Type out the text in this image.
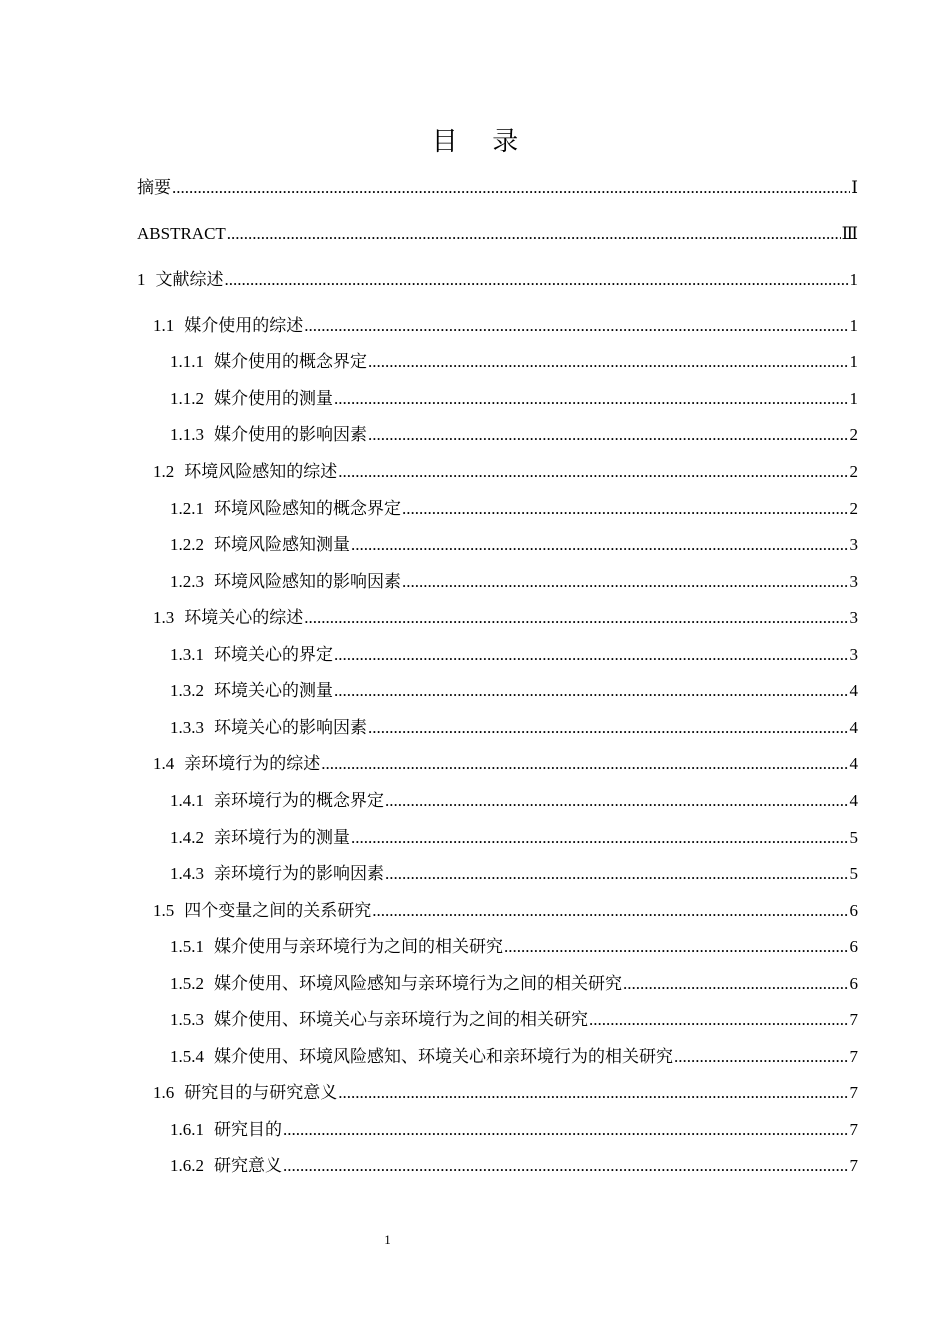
目 录
摘要 .....	Ⅰ
ABSTRACT .....	Ⅲ
1 文献综述 .....	1
1.1 媒介使用的综述 .....	1
1.1.1 媒介使用的概念界定 .....	1
1.1.2 媒介使用的测量 .....	1
1.1.3 媒介使用的影响因素 .....	2
1.2 环境风险感知的综述 .....	2
1.2.1 环境风险感知的概念界定 .....	2
1.2.2 环境风险感知测量 .....	3
1.2.3 环境风险感知的影响因素 .....	3
1.3 环境关心的综述 .....	3
1.3.1 环境关心的界定 .....	3
1.3.2 环境关心的测量 .....	4
1.3.3 环境关心的影响因素 .....	4
1.4 亲环境行为的综述 .....	4
1.4.1 亲环境行为的概念界定 .....	4
1.4.2 亲环境行为的测量 .....	5
1.4.3 亲环境行为的影响因素 .....	5
1.5 四个变量之间的关系研究 .....	6
1.5.1 媒介使用与亲环境行为之间的相关研究 .....	6
1.5.2 媒介使用、环境风险感知与亲环境行为之间的相关研究 .....	6
1.5.3 媒介使用、环境关心与亲环境行为之间的相关研究 .....	7
1.5.4 媒介使用、环境风险感知、环境关心和亲环境行为的相关研究 .....	7
1.6 研究目的与研究意义 .....	7
1.6.1 研究目的 .....	7
1.6.2 研究意义 .....	7
1
